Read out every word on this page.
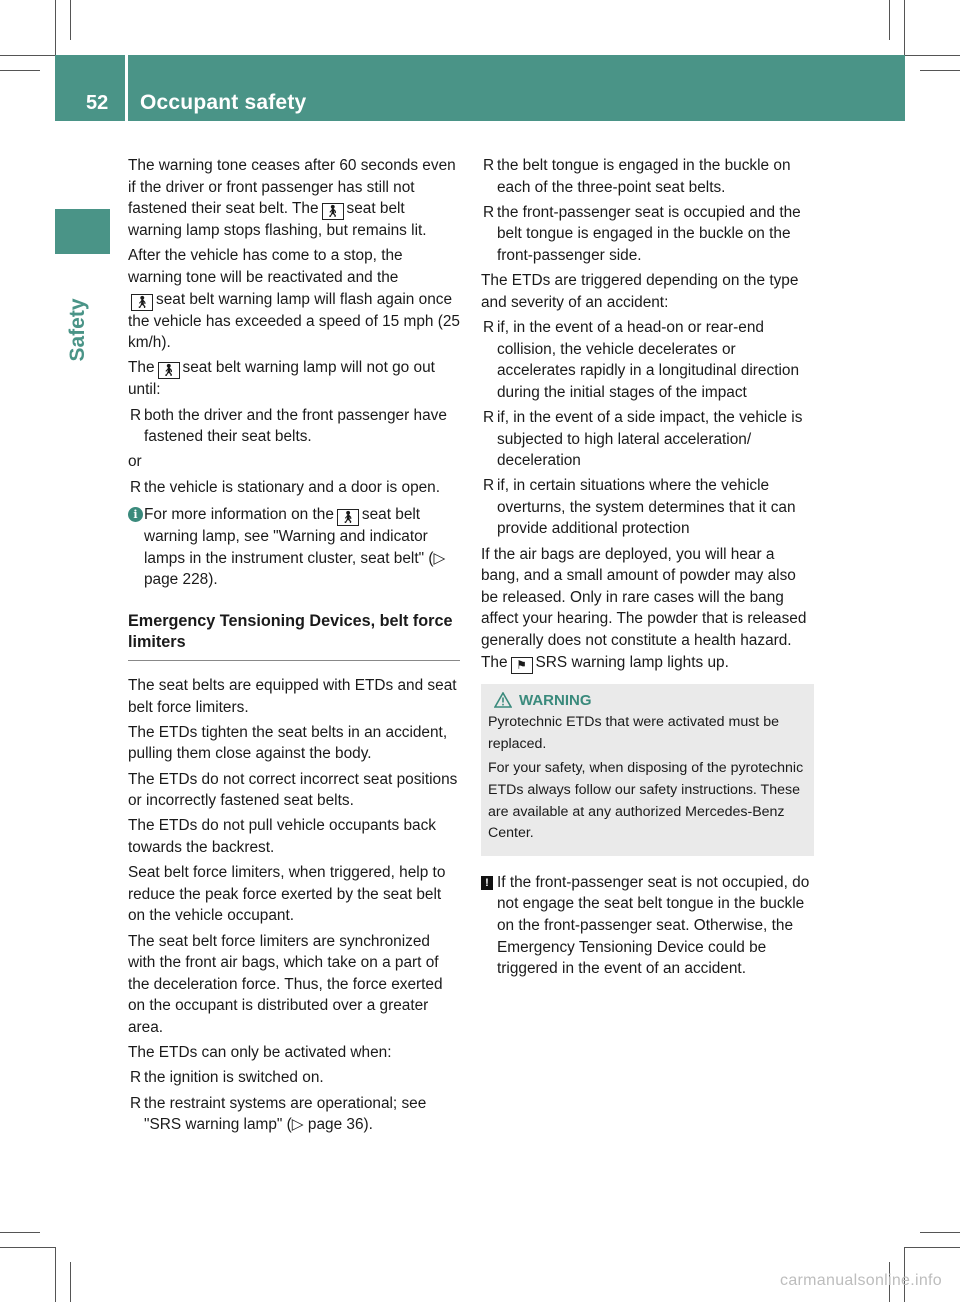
52 Occupant safety
Safety

The warning tone ceases after 60 seconds even if the driver or front passenger has still not fastened their seat belt. The 🚶︎ seat belt warning lamp stops flashing, but remains lit.

After the vehicle has come to a stop, the warning tone will be reactivated and the
🚶︎ seat belt warning lamp will flash again once the vehicle has exceeded a speed of 15 mph (25 km/h).

The 🚶︎ seat belt warning lamp will not go out until:

R both the driver and the front passenger have fastened their seat belts.
or
R the vehicle is stationary and a door is open.
i For more information on the 🚶︎ seat belt warning lamp, see "Warning and indicator lamps in the instrument cluster, seat belt" (▷ page 228).
Emergency Tensioning Devices, belt force limiters

The seat belts are equipped with ETDs and seat belt force limiters.

The ETDs tighten the seat belts in an accident, pulling them close against the body.

The ETDs do not correct incorrect seat positions or incorrectly fastened seat belts.

The ETDs do not pull vehicle occupants back towards the backrest.

Seat belt force limiters, when triggered, help to reduce the peak force exerted by the seat belt on the vehicle occupant.

The seat belt force limiters are synchronized with the front air bags, which take on a part of the deceleration force. Thus, the force exerted on the occupant is distributed over a greater area.

The ETDs can only be activated when:

R the ignition is switched on.
R the restraint systems are operational; see "SRS warning lamp" (▷ page 36).
R the belt tongue is engaged in the buckle on each of the three-point seat belts.
R the front-passenger seat is occupied and the belt tongue is engaged in the buckle on the front-passenger side.

The ETDs are triggered depending on the type and severity of an accident:

R if, in the event of a head-on or rear-end collision, the vehicle decelerates or accelerates rapidly in a longitudinal direction during the initial stages of the impact
R if, in the event of a side impact, the vehicle is subjected to high lateral acceleration/ deceleration
R if, in certain situations where the vehicle overturns, the system determines that it can provide additional protection

If the air bags are deployed, you will hear a bang, and a small amount of powder may also be released. Only in rare cases will the bang affect your hearing. The powder that is released generally does not constitute a health hazard. The ⚑ SRS warning lamp lights up.

WARNING

Pyrotechnic ETDs that were activated must be replaced.

For your safety, when disposing of the pyrotechnic ETDs always follow our safety instructions. These are available at any authorized Mercedes-Benz Center.

! If the front-passenger seat is not occupied, do not engage the seat belt tongue in the buckle on the front-passenger seat. Otherwise, the Emergency Tensioning Device could be triggered in the event of an accident.
carmanualsonline.info
